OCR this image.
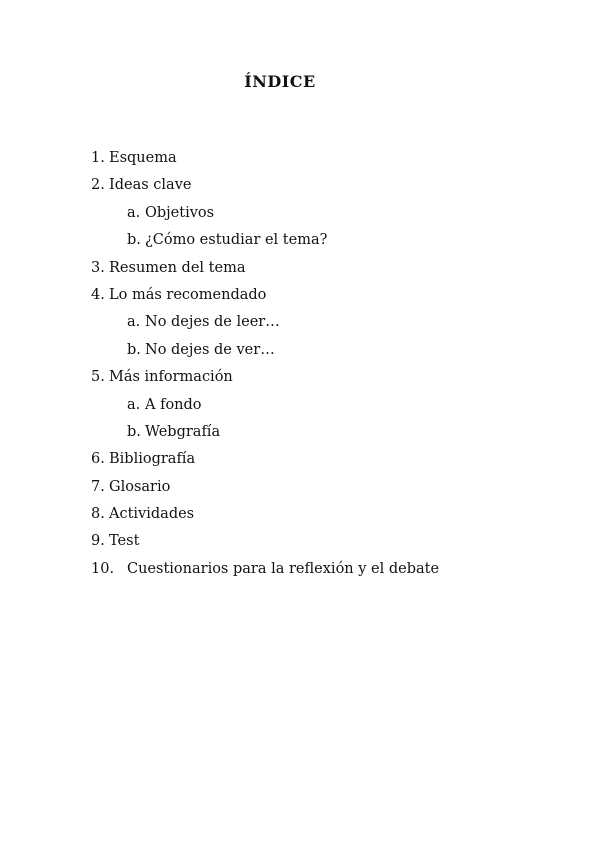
ÍNDICE
1. Esquema
2. Ideas clave
a. Objetivos
b. ¿Cómo estudiar el tema?
3. Resumen del tema
4. Lo más recomendado
a. No dejes de leer…
b. No dejes de ver…
5. Más información
a. A fondo
b. Webgrafía
6. Bibliografía
7. Glosario
8. Actividades
9. Test
10. Cuestionarios para la reflexión y el debate
